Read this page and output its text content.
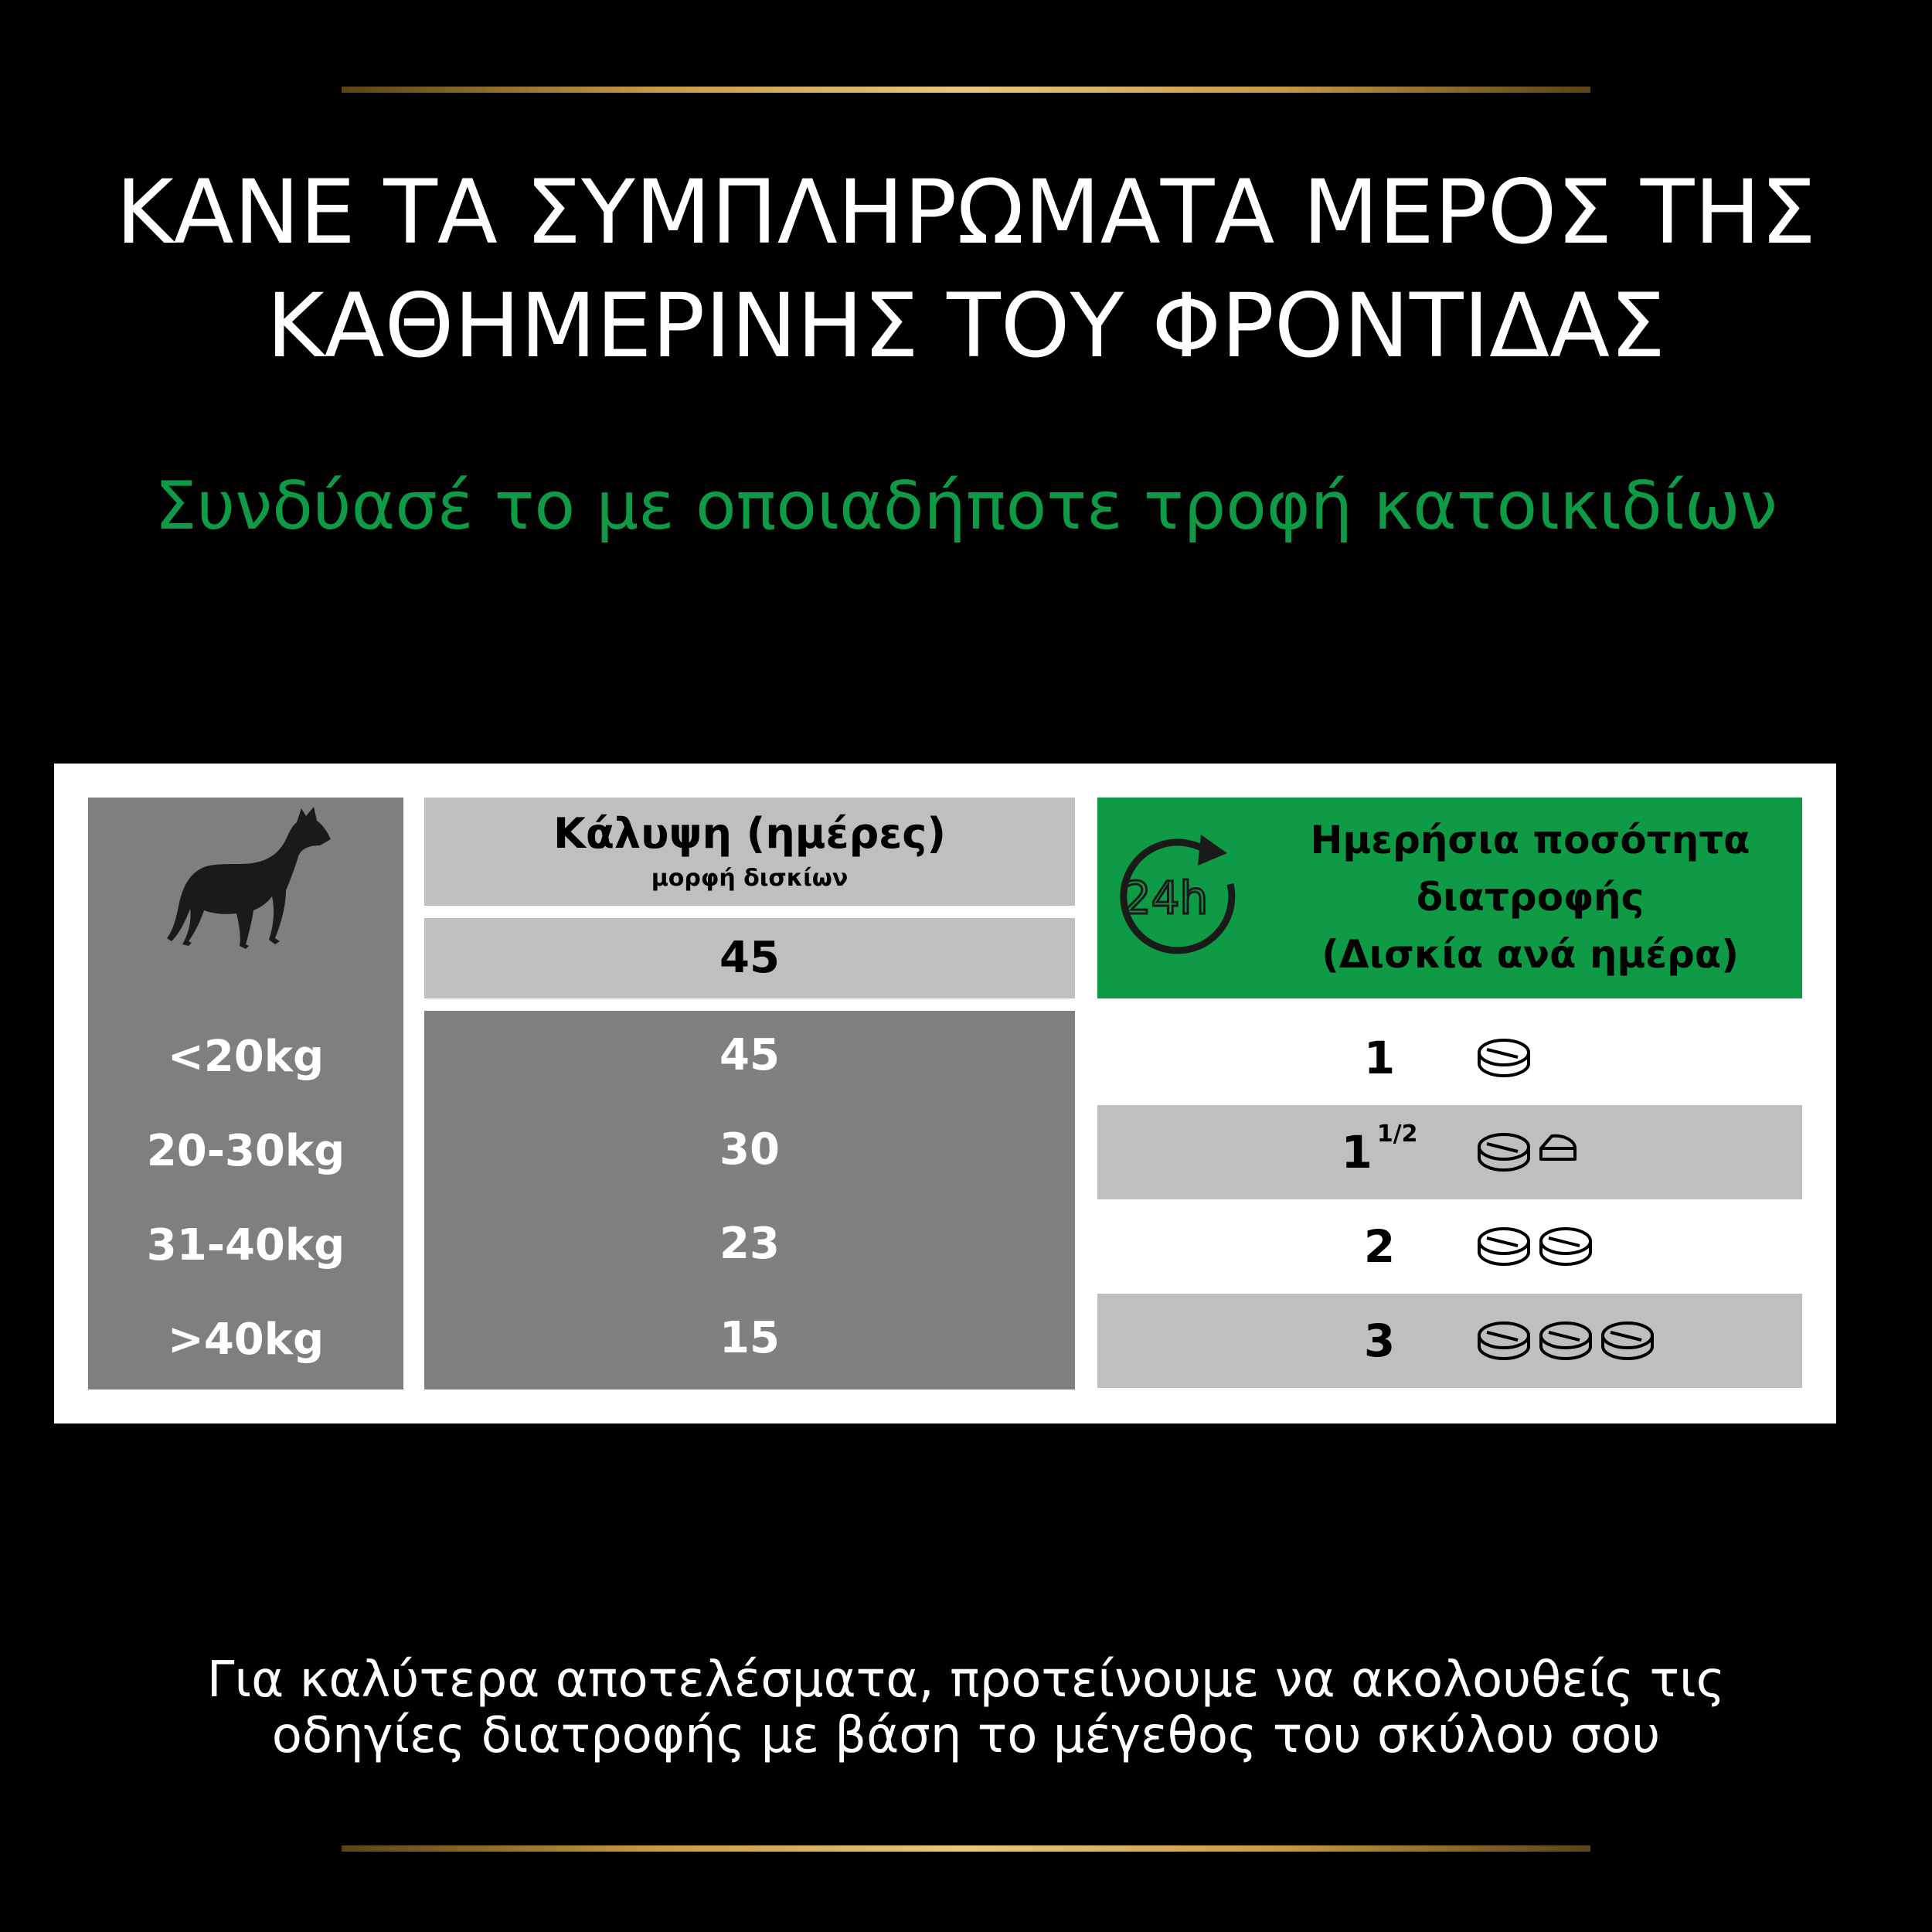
ΚΑΝΕ ΤΑ ΣΥΜΠΛΗΡΩΜΑΤΑ ΜΕΡΟΣ ΤΗΣ
ΚΑΘΗΜΕΡΙΝΗΣ ΤΟΥ ΦΡΟΝΤΙΔΑΣ
Συνδύασέ το με οποιαδήποτε τροφή κατοικιδίων
<20kg
20-30kg
31-40kg
>40kg
Κάλυψη (ημέρες)
μορφή δισκίων
45
45
30
23
15
24h
Ημερήσια ποσότητα
διατροφής
(Δισκία ανά ημέρα)
1
1 $^{1/2}$
2
3
Για καλύτερα αποτελέσματα, προτείνουμε να ακολουθείς τις
οδηγίες διατροφής με βάση το μέγεθος του σκύλου σου
